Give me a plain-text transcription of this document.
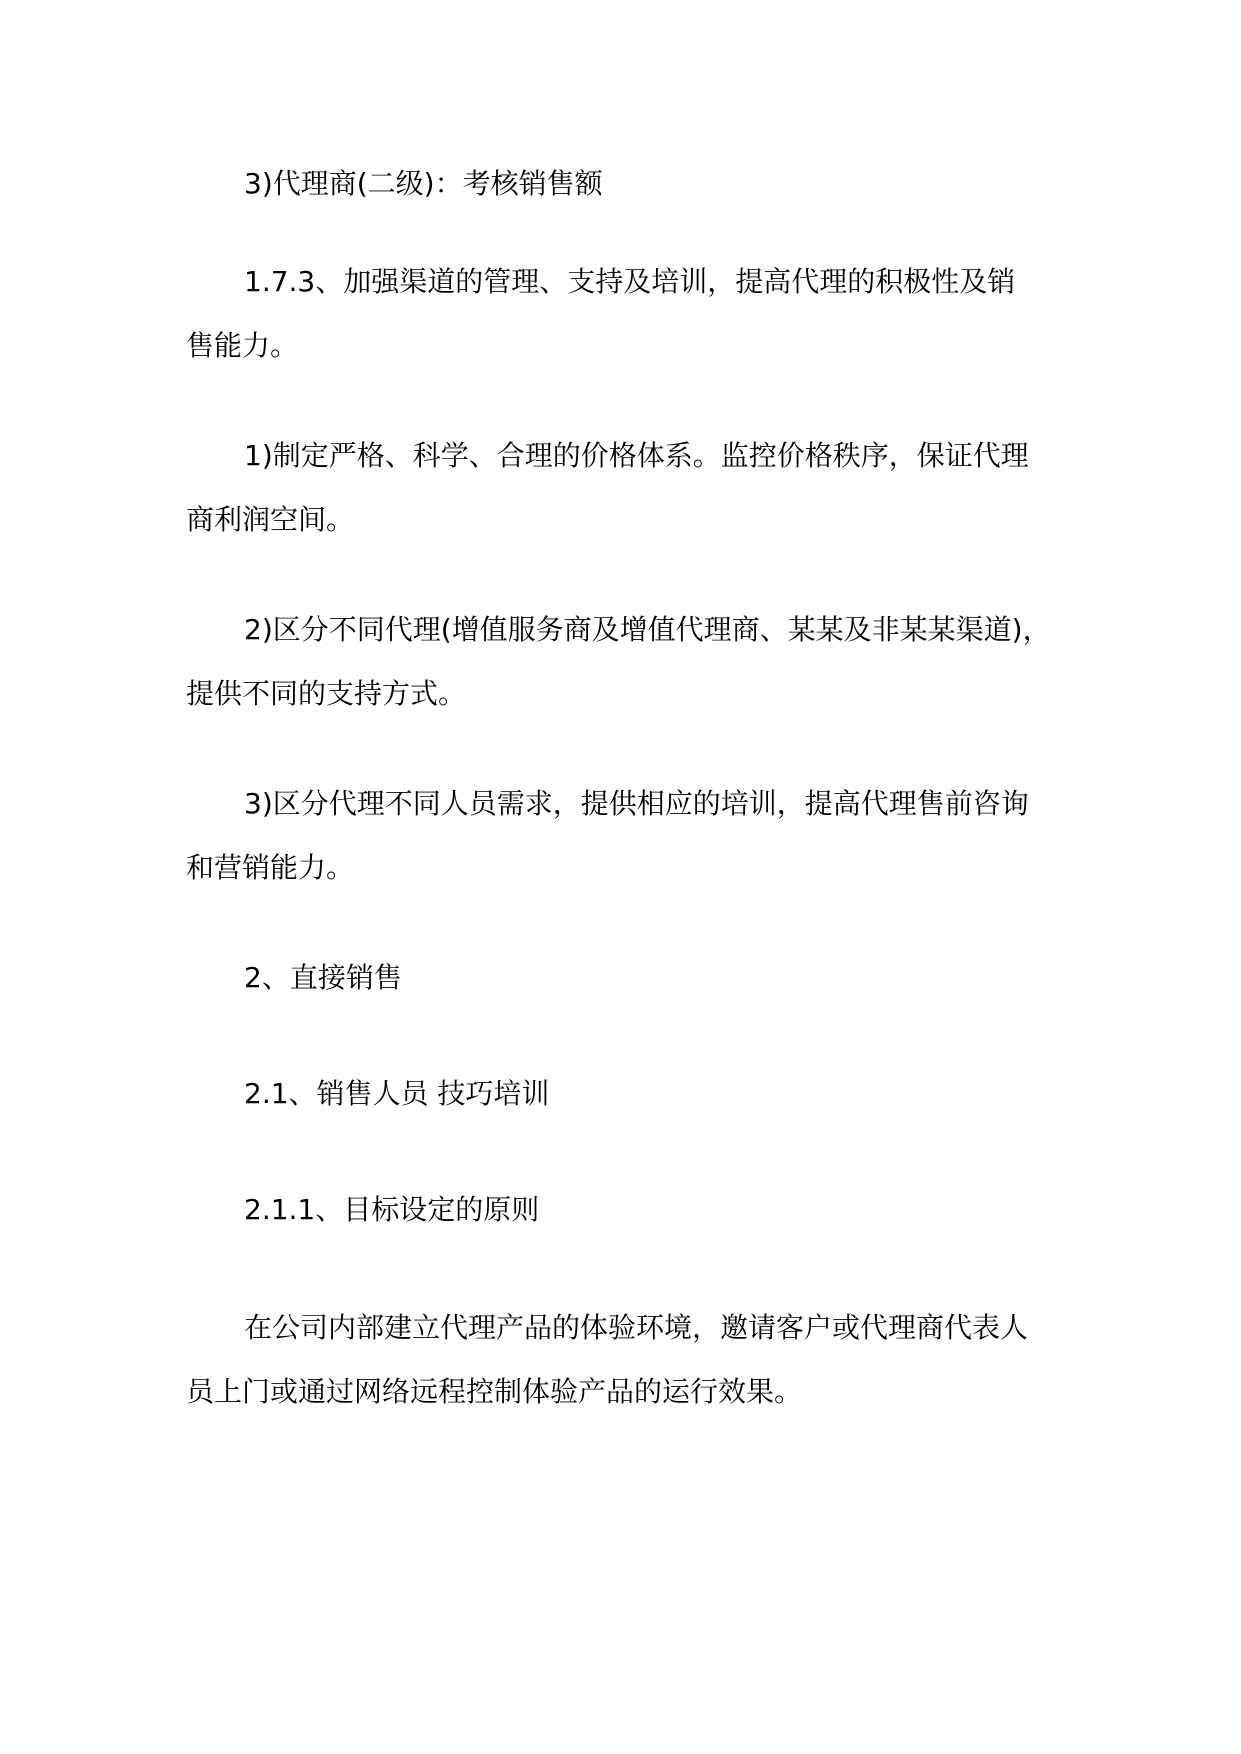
3)代理商(二级)：考核销售额

1.7.3、加强渠道的管理、支持及培训，提高代理的积极性及销
售能力。

1)制定严格、科学、合理的价格体系。监控价格秩序，保证代理
商利润空间。

2)区分不同代理(增值服务商及增值代理商、某某及非某某渠道)，
提供不同的支持方式。

3)区分代理不同人员需求，提供相应的培训，提高代理售前咨询
和营销能力。

2、直接销售

2.1、销售人员 技巧培训

2.1.1、目标设定的原则

在公司内部建立代理产品的体验环境，邀请客户或代理商代表人
员上门或通过网络远程控制体验产品的运行效果。
